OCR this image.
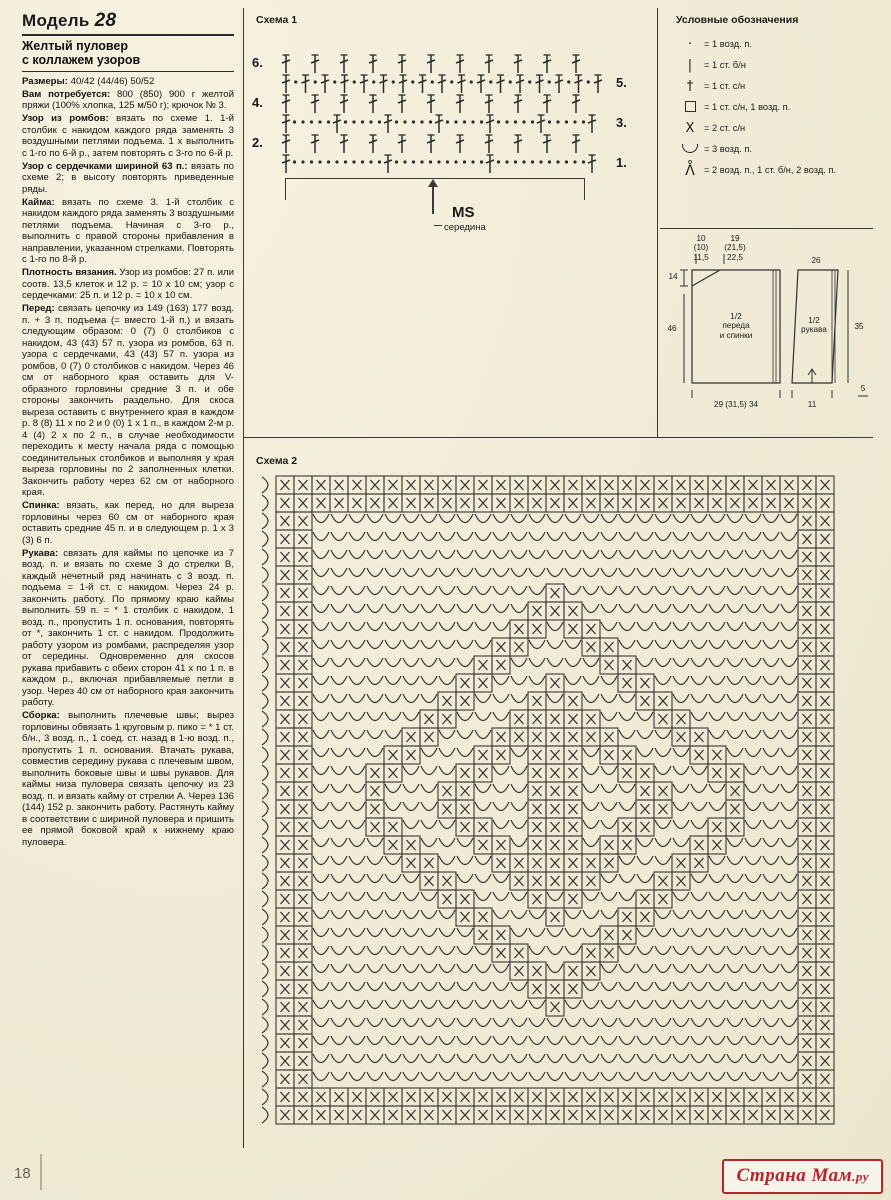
Модель 28
Желтый пуловер
с коллажем узоров

Размеры: 40/42 (44/46) 50/52

Вам потребуется: 800 (850) 900 г желтой пряжи (100% хлопка, 125 м/50 г); крючок № 3.

Узор из ромбов: вязать по схеме 1. 1-й столбик с накидом каждого ряда заменять 3 воздушными петлями подъема. 1 х выполнить с 1-го по 6-й р., затем повторять с 3-го по 6-й р.

Узор с сердечками шириной 63 п.: вязать по схеме 2; в высоту повторять приведенные ряды.

Кайма: вязать по схеме 3. 1-й столбик с накидом каждого ряда заменять 3 воздушными петлями подъема. Начиная с 3-го р., выполнить с правой стороны прибавления в направлении, указанном стрелками. Повторять с 1-го по 8-й р.

Плотность вязания. Узор из ромбов: 27 п. или соотв. 13,5 клеток и 12 р. = 10 x 10 см; узор с сердечками: 25 п. и 12 р. = 10 x 10 см.

Перед: связать цепочку из 149 (163) 177 возд. п. + 3 п. подъема (= вместо 1-й п.) и вязать следующим образом: 0 (7) 0 столбиков с накидом, 43 (43) 57 п. узора из ромбов, 63 п. узора с сердечками, 43 (43) 57 п. узора из ромбов, 0 (7) 0 столбиков с накидом. Через 46 см от наборного края оставить для V-образного горловины средние 3 п. и обе стороны закончить раздельно. Для скоса выреза оставить с внутреннего края в каждом р. 8 (8) 11 х по 2 и 0 (0) 1 х 1 п., в каждом 2-м р. 4 (4) 2 х по 2 п., в случае необходимости переходить к месту начала ряда с помощью соединительных столбиков и выполняя у края выреза горловины по 2 заполненных клетки. Закончить работу через 62 см от наборного края.

Спинка: вязать, как перед, но для выреза горловины через 60 см от наборного края оставить средние 45 п. и в следующем р. 1 х 3 (3) 6 п.

Рукава: связать для каймы по цепочке из 7 возд. п. и вязать по схеме 3 до стрелки В, каждый нечетный ряд начинать с 3 возд. п. подъема = 1-й ст. с накидом. Через 24 р. закончить работу. По прямому краю каймы выполнить 59 п. = * 1 столбик с накидом, 1 возд. п., пропустить 1 п. основания, повторять от *, закончить 1 ст. с накидом. Продолжить работу узором из ромбами, распределяя узор от середины. Одновременно для скосов рукава прибавить с обеих сторон 41 х по 1 п. в каждом р., включая прибавляемые петли в узор. Через 40 см от наборного края закончить работу.

Сборка: выполнить плечевые швы; вырез горловины обвязать 1 круговым р. пико = * 1 ст. б/н., 3 возд. п., 1 соед. ст. назад в 1-ю возд. п., пропустить 1 п. основания. Втачать рукава, совместив середину рукава с плечевым швом, выполнить боковые швы и швы рукавов. Для каймы низа пуловера связать цепочку из 23 возд. п. и вязать кайму от стрелки А. Через 136 (144) 152 р. закончить работу. Растянуть кайму в соответствии с шириной пуловера и пришить ее прямой боковой край к нижнему краю пуловера.

Схема 1
6.
4.
2.
5.
3.
1.
MS
середина
Условные обозначения
·	= 1 возд. п.
|	= 1 ст. б/н
†	= 1 ст. с/н
= 1 ст. с/н, 1 возд. п.
X	= 2 ст. с/н
= 3 возд. п.
ᐰ = 2 возд. п., 1 ст. б/н, 2 возд. п.
1/2
переда
и спинки
1/2
рукава
10
(10)
11,5
19
(21,5)
22,5
14
46
29 (31,5) 34	11
26
35
5
Схема 2
18	Страна Мам.ру
